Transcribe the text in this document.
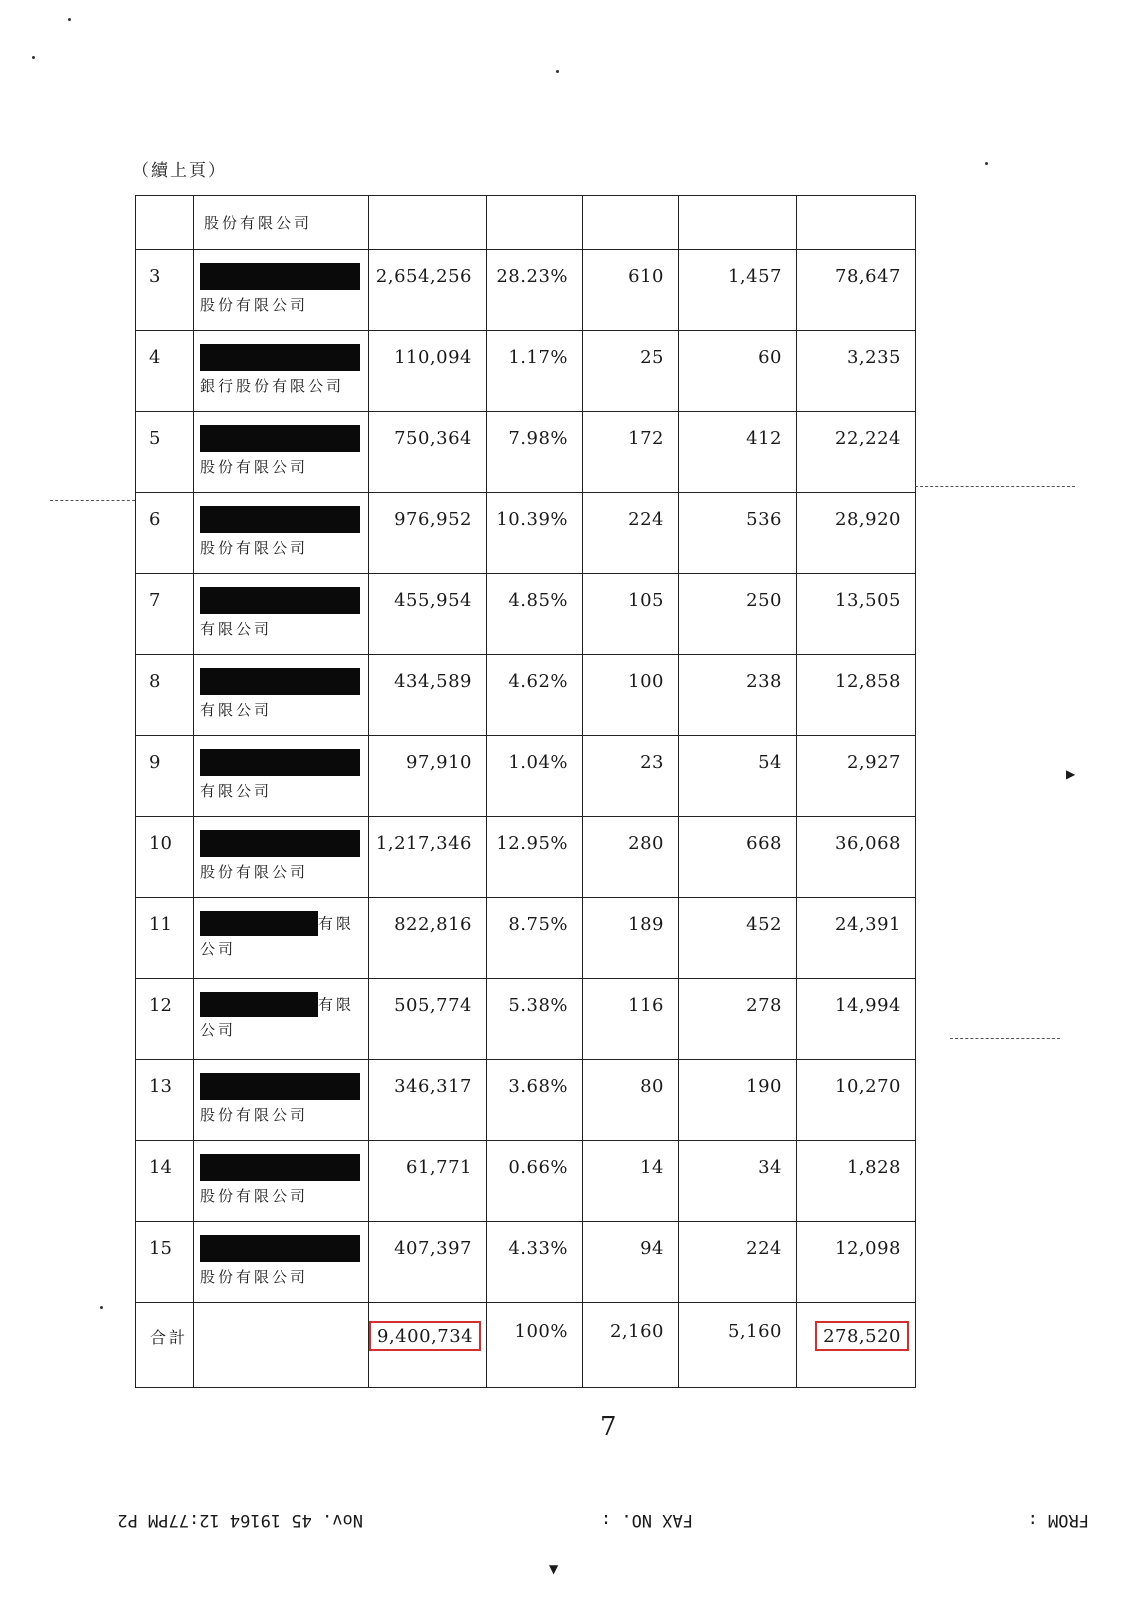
（續上頁）

	股份有限公司					

3	股份有限公司	2,654,256	28.23%	610	1,457	78,647

4	銀行股份有限公司	110,094	1.17%	25	60	3,235

5	股份有限公司	750,364	7.98%	172	412	22,224

6	股份有限公司	976,952	10.39%	224	536	28,920

7	有限公司	455,954	4.85%	105	250	13,505

8	有限公司	434,589	4.62%	100	238	12,858

9	有限公司	97,910	1.04%	23	54	2,927

10	股份有限公司	1,217,346	12.95%	280	668	36,068

11	有限
公司	822,816	8.75%	189	452	24,391

12	有限
公司	505,774	5.38%	116	278	14,994

13	股份有限公司	346,317	3.68%	80	190	10,270

14	股份有限公司	61,771	0.66%	14	34	1,828

15	股份有限公司	407,397	4.33%	94	224	12,098

合計		9,400,734	100%	2,160	5,160	278,520
7
FROM :
FAX NO. :
Nov. 45 19164 12:77PM P2
▶
▼
